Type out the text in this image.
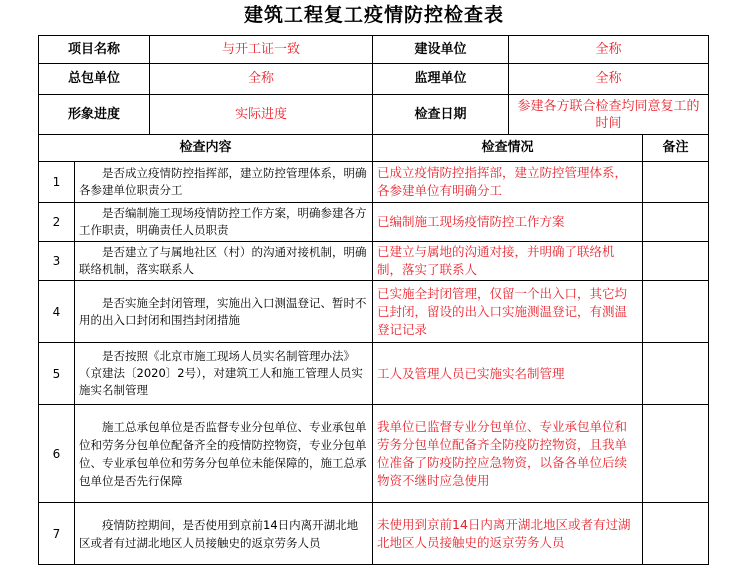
建筑工程复工疫情防控检查表
项目名称		与开工证一致	建设单位	全称	
总包单位		全称	监理单位	全称	
形象进度		实际进度	检查日期	参建各方联合检查均同意复工的时间	
检查内容			检查情况		备注
1	是否成立疫情防控指挥部，建立防控管理体系，明确各参建单位职责分工		已成立疫情防控指挥部，建立防控管理体系，各参建单位有明确分工		
2	是否编制施工现场疫情防控工作方案，明确参建各方工作职责，明确责任人员职责		已编制施工现场疫情防控工作方案		
3	是否建立了与属地社区（村）的沟通对接机制，明确联络机制，落实联系人		已建立与属地的沟通对接，并明确了联络机制，落实了联系人		
4	是否实施全封闭管理，实施出入口测温登记、暂时不用的出入口封闭和围挡封闭措施		已实施全封闭管理，仅留一个出入口，其它均已封闭，留设的出入口实施测温登记，有测温登记记录		
5	是否按照《北京市施工现场人员实名制管理办法》（京建法〔2020〕2号），对建筑工人和施工管理人员实施实名制管理		工人及管理人员已实施实名制管理		
6	施工总承包单位是否监督专业分包单位、专业承包单位和劳务分包单位配备齐全的疫情防控物资，专业分包单位、专业承包单位和劳务分包单位未能保障的，施工总承包单位是否先行保障		我单位已监督专业分包单位、专业承包单位和劳务分包单位配备齐全防疫防控物资，且我单位准备了防疫防控应急物资，以备各单位后续物资不继时应急使用		
7	疫情防控期间，是否使用到京前14日内离开湖北地区或者有过湖北地区人员接触史的返京劳务人员		未使用到京前14日内离开湖北地区或者有过湖北地区人员接触史的返京劳务人员		
